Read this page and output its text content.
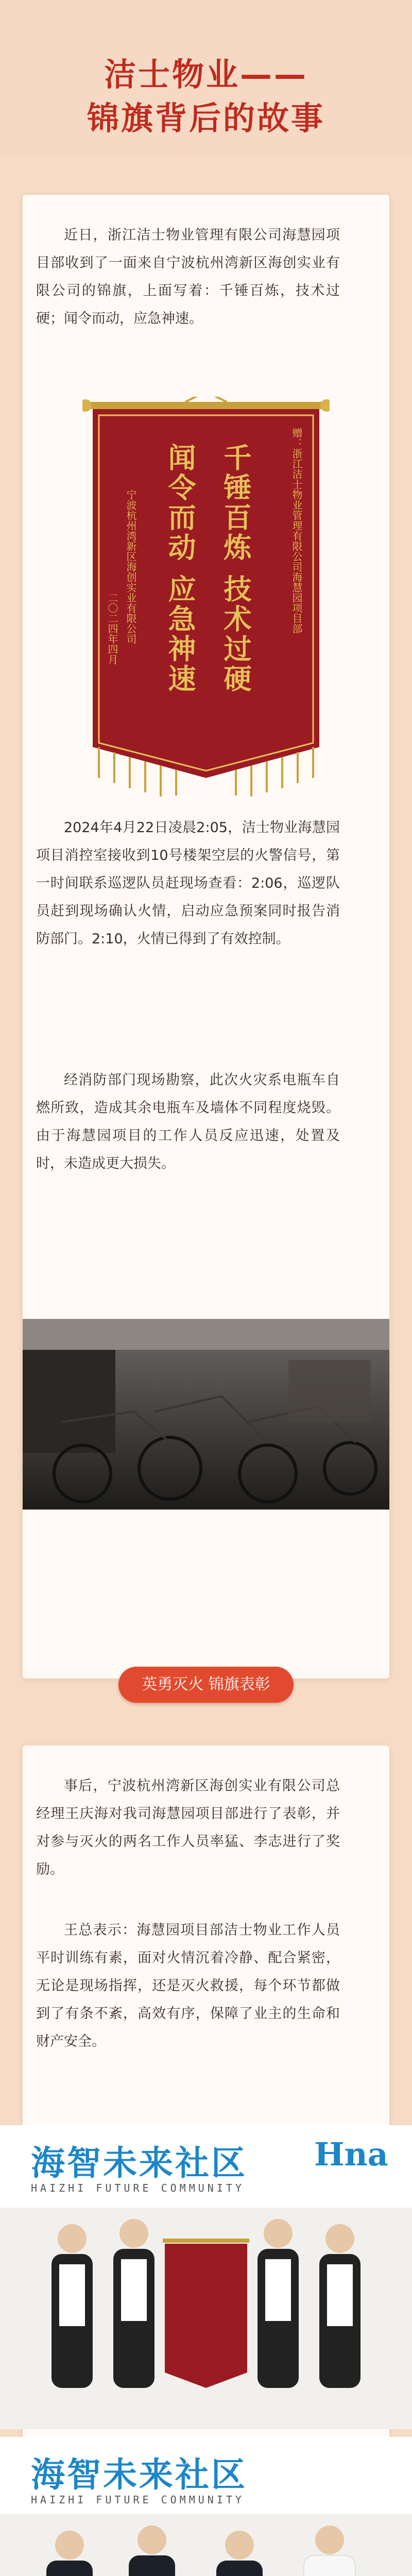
洁士物业——
锦旗背后的故事

近日，浙江洁士物业管理有限公司海慧园项目部收到了一面来自宁波杭州湾新区海创实业有限公司的锦旗，上面写着：千锤百炼，技术过硬；闻令而动，应急神速。

赠：浙江洁士物业管理有限公司海慧园项目部
千锤百炼 技术过硬
闻令而动 应急神速
宁波杭州湾新区海创实业有限公司
二〇二四年四月

2024年4月22日凌晨2:05，洁士物业海慧园项目消控室接收到10号楼架空层的火警信号，第一时间联系巡逻队员赶现场查看：2:06，巡逻队员赶到现场确认火情，启动应急预案同时报告消防部门。2:10，火情已得到了有效控制。

经消防部门现场勘察，此次火灾系电瓶车自燃所致，造成其余电瓶车及墙体不同程度烧毁。由于海慧园项目的工作人员反应迅速，处置及时，未造成更大损失。

英勇灭火 锦旗表彰

事后，宁波杭州湾新区海创实业有限公司总经理王庆海对我司海慧园项目部进行了表彰，并对参与灭火的两名工作人员率猛、李志进行了奖励。

王总表示：海慧园项目部洁士物业工作人员平时训练有素，面对火情沉着冷静、配合紧密，无论是现场指挥，还是灭火救援，每个环节都做到了有条不紊，高效有序，保障了业主的生命和财产安全。

海智未来社区
HAIZHI FUTURE COMMUNITY
Hna
海智未来社区
HAIZHI FUTURE COMMUNITY
